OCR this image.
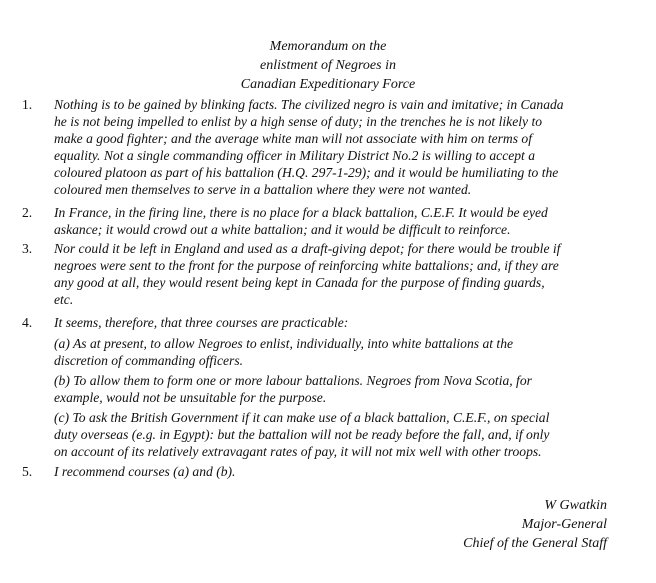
Memorandum on the
enlistment of Negroes in
Canadian Expeditionary Force
1.	Nothing is to be gained by blinking facts. The civilized negro is vain and imitative; in Canada
he is not being impelled to enlist by a high sense of duty; in the trenches he is not likely to
make a good fighter; and the average white man will not associate with him on terms of
equality. Not a single commanding officer in Military District No.2 is willing to accept a
coloured platoon as part of his battalion (H.Q. 297-1-29); and it would be humiliating to the
coloured men themselves to serve in a battalion where they were not wanted.
2.	In France, in the firing line, there is no place for a black battalion, C.E.F. It would be eyed
askance; it would crowd out a white battalion; and it would be difficult to reinforce.
3.	Nor could it be left in England and used as a draft-giving depot; for there would be trouble if
negroes were sent to the front for the purpose of reinforcing white battalions; and, if they are
any good at all, they would resent being kept in Canada for the purpose of finding guards,
etc.
4.	It seems, therefore, that three courses are practicable:
(a) As at present, to allow Negroes to enlist, individually, into white battalions at the
discretion of commanding officers.
(b) To allow them to form one or more labour battalions. Negroes from Nova Scotia, for
example, would not be unsuitable for the purpose.
(c) To ask the British Government if it can make use of a black battalion, C.E.F., on special
duty overseas (e.g. in Egypt): but the battalion will not be ready before the fall, and, if only
on account of its relatively extravagant rates of pay, it will not mix well with other troops.
5.	I recommend courses (a) and (b).
W Gwatkin
Major-General
Chief of the General Staff
